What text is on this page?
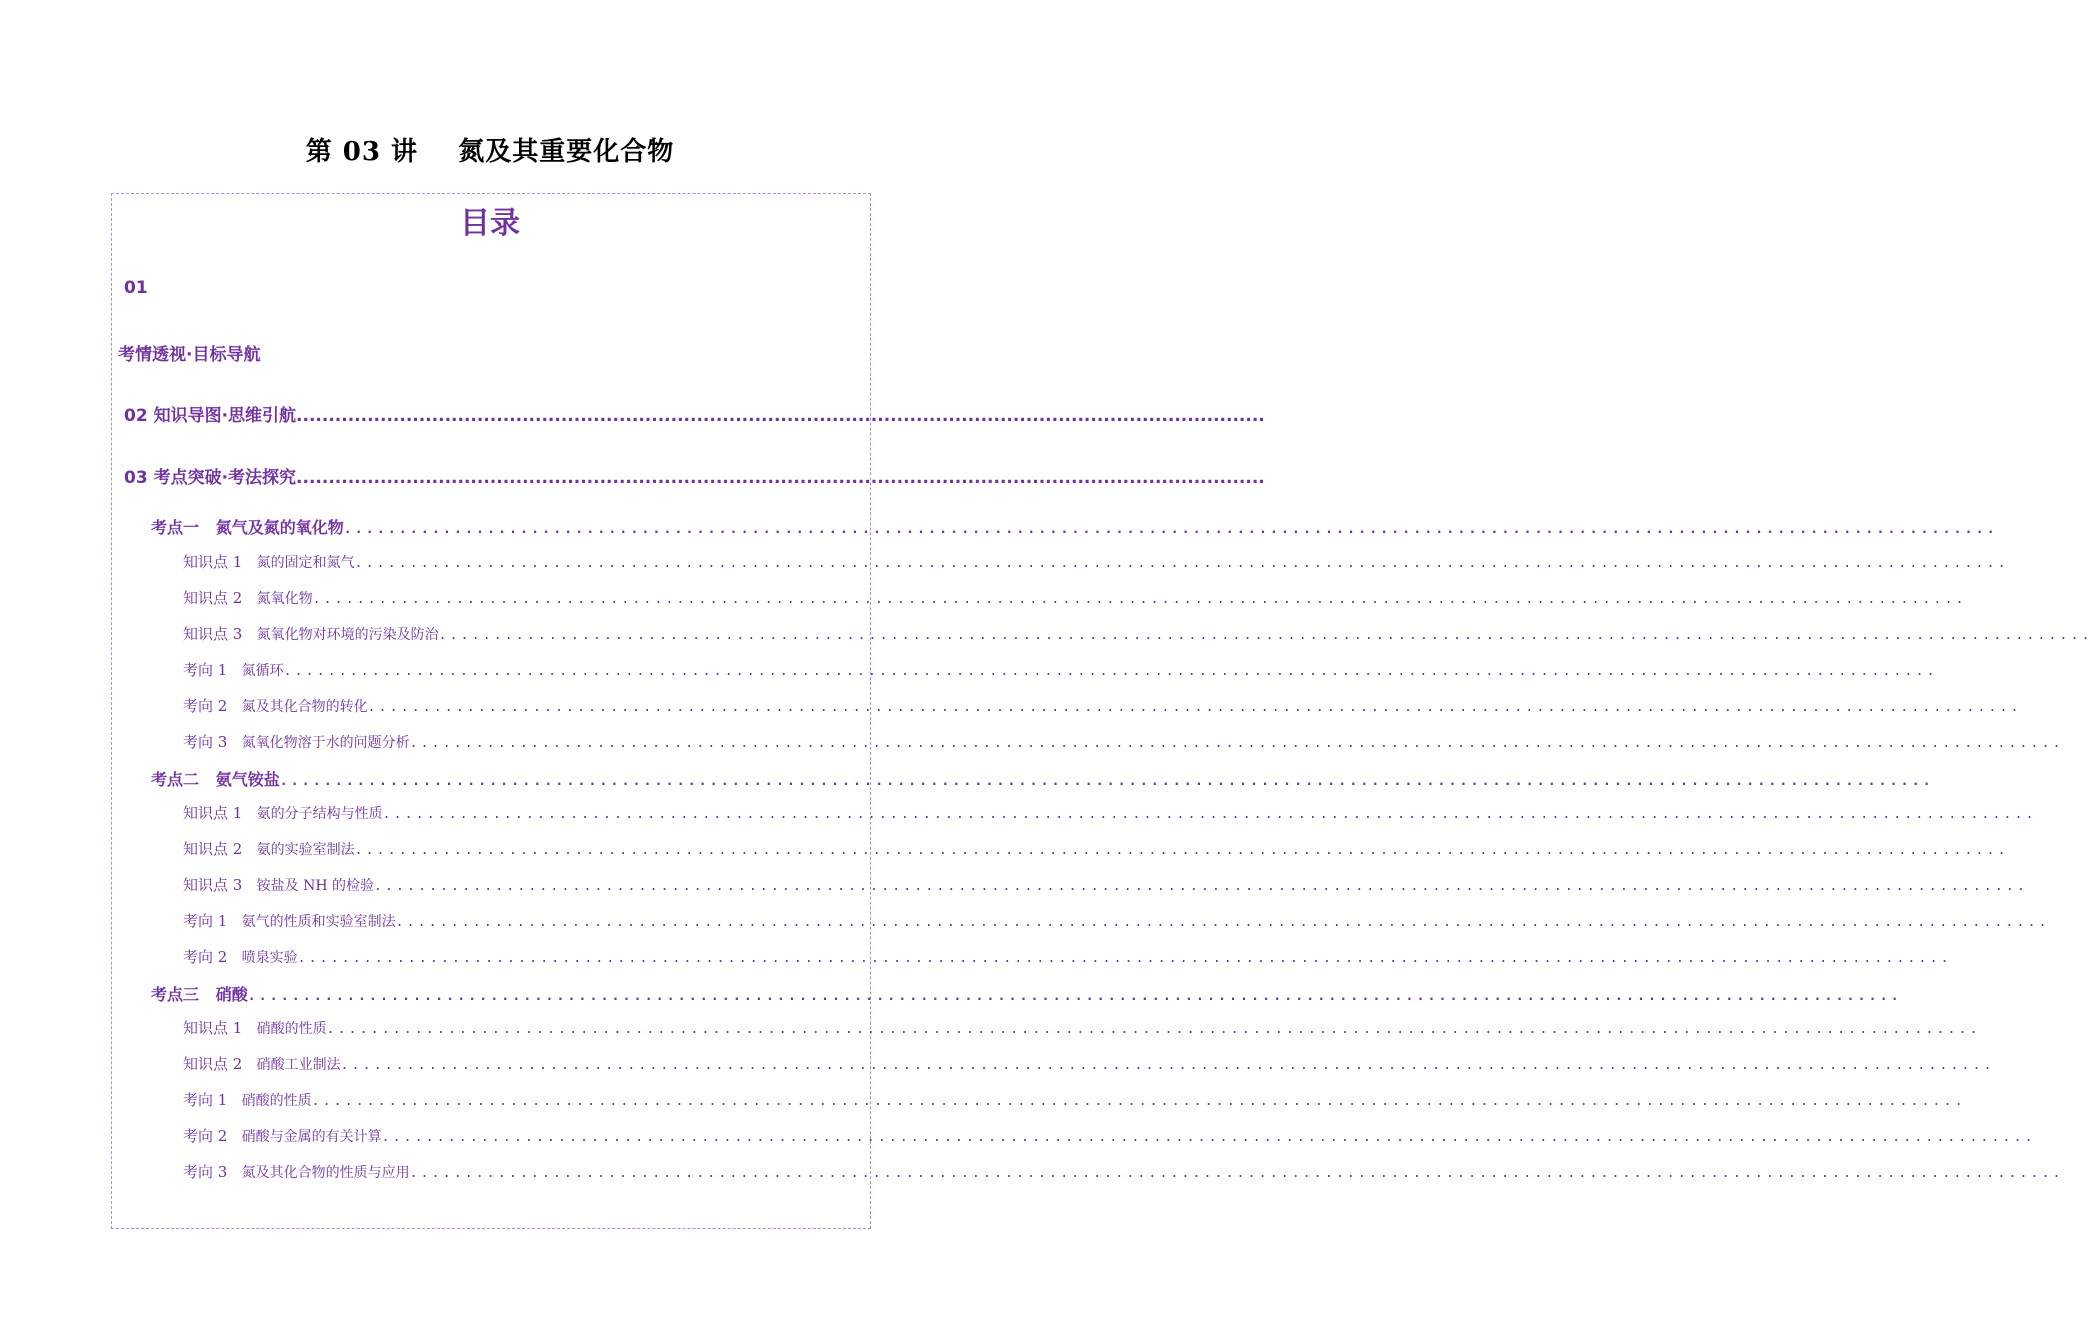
第 03 讲    氮及其重要化合物
目录
01
考情透视·目标导航
02 知识导图·思维引航 ......................................................................................................................................................
03 考点突破·考法探究 ......................................................................................................................................................
考点一
氮气及氮的氧化物 ......................................................................................................................................................
知识点 1
氮的固定和氮气 ......................................................................................................................................................
知识点 2
氮氧化物 ......................................................................................................................................................
知识点 3
氮氧化物对环境的污染及防治 ......................................................................................................................................................
考向 1
氮循环 ......................................................................................................................................................
考向 2
氮及其化合物的转化 ......................................................................................................................................................
考向 3
氮氧化物溶于水的问题分析 ......................................................................................................................................................
考点二
氨气铵盐 ......................................................................................................................................................
知识点 1
氨的分子结构与性质 ......................................................................................................................................................
知识点 2
氨的实验室制法 ......................................................................................................................................................
知识点 3
铵盐及 NH 的检验 ......................................................................................................................................................
考向 1
氨气的性质和实验室制法 ......................................................................................................................................................
考向 2
喷泉实验 ......................................................................................................................................................
考点三
硝酸 ......................................................................................................................................................
知识点 1
硝酸的性质 ......................................................................................................................................................
知识点 2
硝酸工业制法 ......................................................................................................................................................
考向 1
硝酸的性质 ......................................................................................................................................................
考向 2
硝酸与金属的有关计算 ......................................................................................................................................................
考向 3
氮及其化合物的性质与应用 ......................................................................................................................................................
